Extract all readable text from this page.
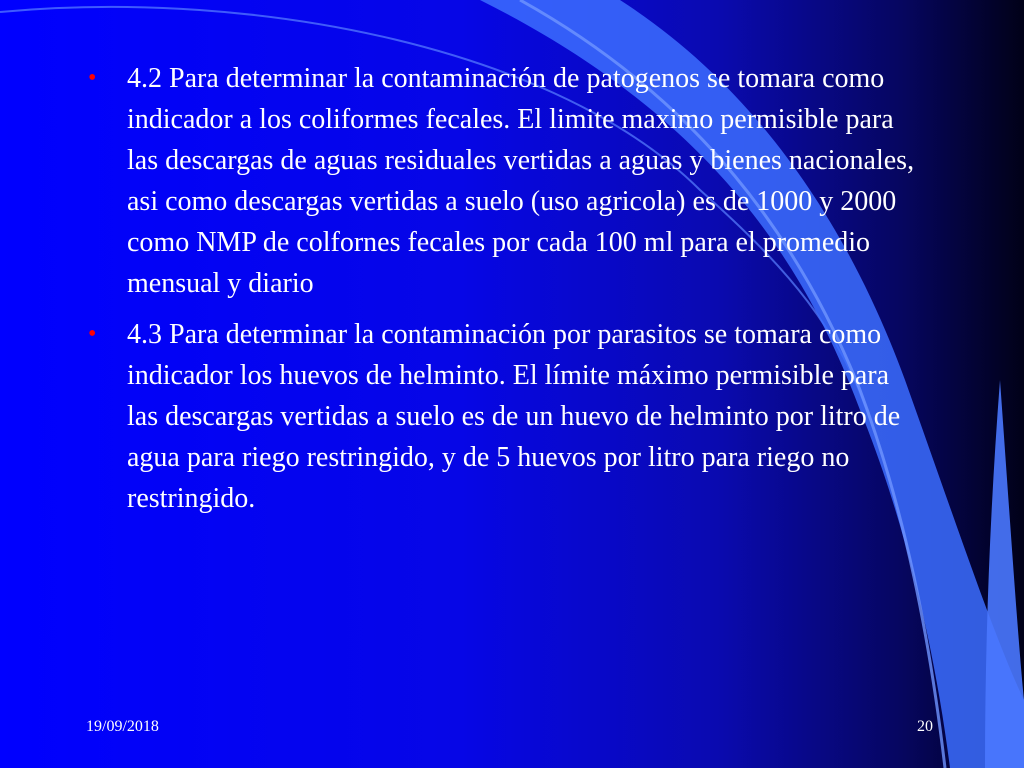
• 4.2 Para determinar la contaminación de patogenos se tomara como indicador a los coliformes fecales. El limite maximo permisible para las descargas de aguas residuales vertidas a aguas y bienes nacionales, asi como descargas vertidas a suelo (uso agricola) es de 1000 y 2000 como NMP de colfornes fecales por cada 100 ml para el promedio mensual y diario
• 4.3 Para determinar la contaminación por parasitos se tomara como indicador los huevos de helminto. El límite máximo permisible para las descargas vertidas a suelo es de un huevo de helminto por litro de agua para riego restringido, y de 5 huevos por litro para riego no restringido.
19/09/2018	20
